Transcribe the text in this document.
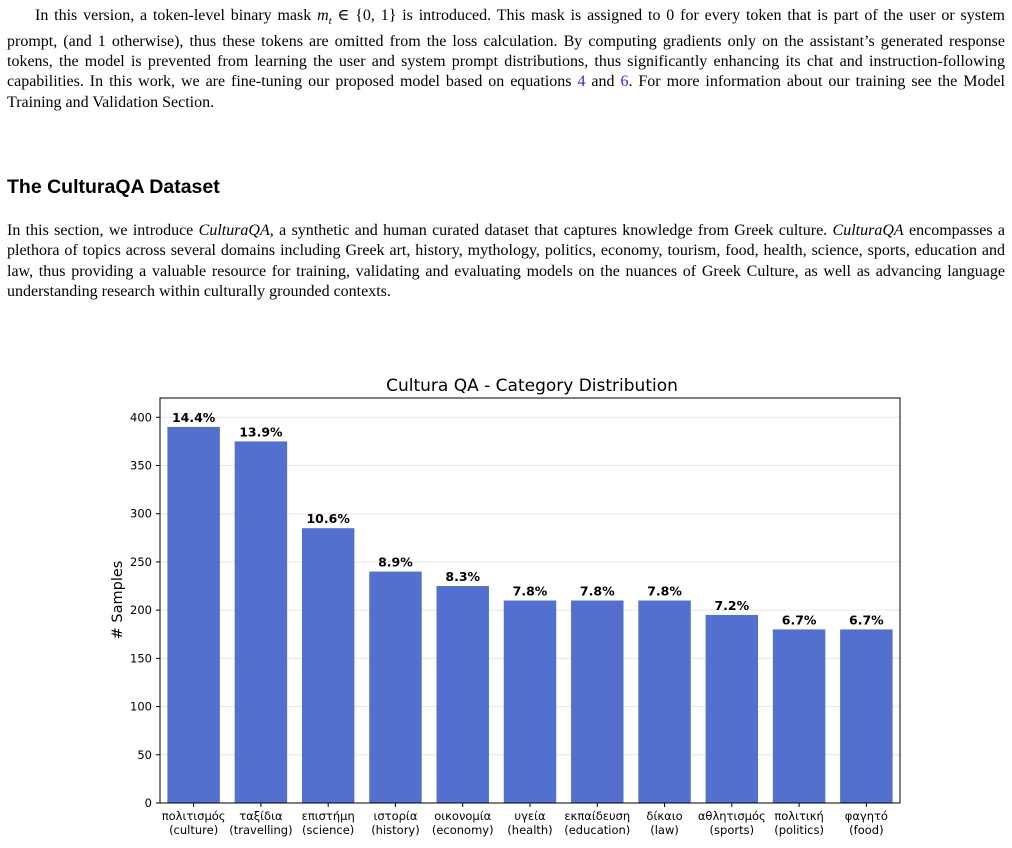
In this version, a token-level binary mask $m_t$ ∈ {0, 1} is introduced. This mask is assigned to 0 for every token that is part of the user or system prompt, (and 1 otherwise), thus these tokens are omitted from the loss calculation. By computing gradients only on the assistant’s generated response tokens, the model is prevented from learning the user and system prompt distributions, thus significantly enhancing its chat and instruction-following capabilities. In this work, we are fine-tuning our proposed model based on equations 4 and 6. For more information about our training see the Model Training and Validation Section.

The CulturaQA Dataset

In this section, we introduce CulturaQA, a synthetic and human curated dataset that captures knowledge from Greek culture. CulturaQA encompasses a plethora of topics across several domains including Greek art, history, mythology, politics, economy, tourism, food, health, science, sports, education and law, thus providing a valuable resource for training, validating and evaluating models on the nuances of Greek Culture, as well as advancing language understanding research within culturally grounded contexts.

Cultura QA - Category Distribution
# Samples
14.4%
13.9%
10.6%
8.9%
8.3%
7.8%	7.8%	7.8%
7.2%
6.7%	6.7%
0
50
100
150
200
250
300
350
400
πολιτισμός
(culture)
ταξίδια
(travelling)
επιστήμη
(science)
ιστορία
(history)
οικονομία
(economy)
υγεία
(health)
εκπαίδευση
(education)
δίκαιο
(law)
αθλητισμός
(sports)
πολιτική
(politics)
φαγητό
(food)
